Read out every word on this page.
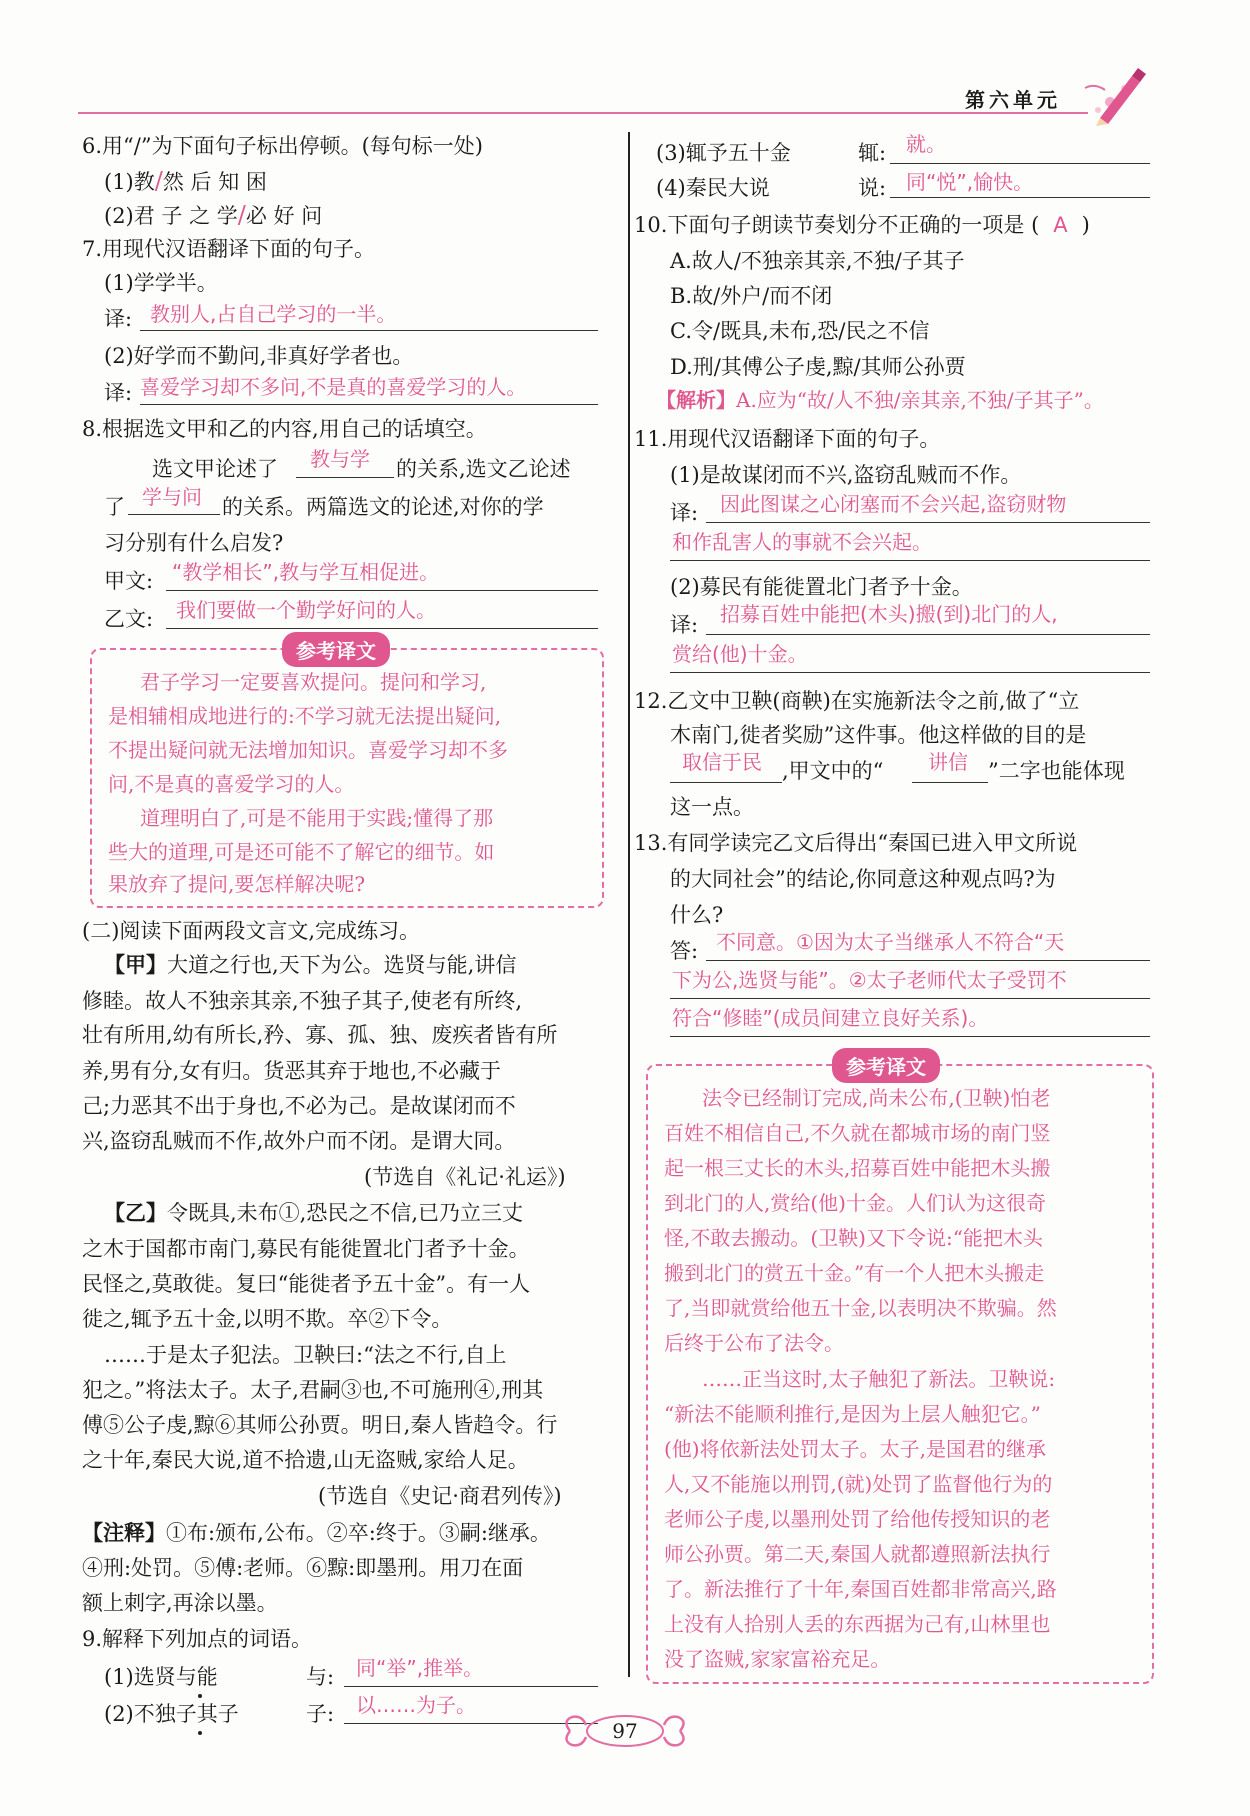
第六单元
6.用“/”为下面句子标出停顿。(每句标一处)
(1)教/然 后 知 困
(2)君 子 之 学/必 好 问
7.用现代汉语翻译下面的句子。
(1)学学半。
译: 教别人,占自己学习的一半。
(2)好学而不勤问,非真好学者也。
译: 喜爱学习却不多问,不是真的喜爱学习的人。
8.根据选文甲和乙的内容,用自己的话填空。
选文甲论述了 教与学 的关系,选文乙论述
了 学与问 的关系。两篇选文的论述,对你的学
习分别有什么启发?
甲文: “教学相长”,教与学互相促进。
乙文: 我们要做一个勤学好问的人。
参考译文
君子学习一定要喜欢提问。提问和学习,
是相辅相成地进行的:不学习就无法提出疑问,
不提出疑问就无法增加知识。喜爱学习却不多
问,不是真的喜爱学习的人。
道理明白了,可是不能用于实践;懂得了那
些大的道理,可是还可能不了解它的细节。如
果放弃了提问,要怎样解决呢?
(二)阅读下面两段文言文,完成练习。
【甲】大道之行也,天下为公。选贤与能,讲信
修睦。故人不独亲其亲,不独子其子,使老有所终,
壮有所用,幼有所长,矜、寡、孤、独、废疾者皆有所
养,男有分,女有归。货恶其弃于地也,不必藏于
己;力恶其不出于身也,不必为己。是故谋闭而不
兴,盗窃乱贼而不作,故外户而不闭。是谓大同。
(节选自《礼记·礼运》)
【乙】令既具,未布①,恐民之不信,已乃立三丈
之木于国都市南门,募民有能徙置北门者予十金。
民怪之,莫敢徙。复曰“能徙者予五十金”。有一人
徙之,辄予五十金,以明不欺。卒②下令。
……于是太子犯法。卫鞅曰:“法之不行,自上
犯之。”将法太子。太子,君嗣③也,不可施刑④,刑其
傅⑤公子虔,黥⑥其师公孙贾。明日,秦人皆趋令。行
之十年,秦民大说,道不拾遗,山无盗贼,家给人足。
(节选自《史记·商君列传》)
【注释】①布:颁布,公布。②卒:终于。③嗣:继承。
④刑:处罚。⑤傅:老师。⑥黥:即墨刑。用刀在面
额上刺字,再涂以墨。
9.解释下列加点的词语。
(1)选贤与能	与: 同“举”,推举。
(2)不独子其子	子: 以……为子。
(3)辄予五十金	辄: 就。
(4)秦民大说	说: 同“悦”,愉快。
10.下面句子朗读节奏划分不正确的一项是 ( A )
A.故人/不独亲其亲,不独/子其子
B.故/外户/而不闭
C.令/既具,未布,恐/民之不信
D.刑/其傅公子虔,黥/其师公孙贾
【解析】A.应为“故/人不独/亲其亲,不独/子其子”。
11.用现代汉语翻译下面的句子。
(1)是故谋闭而不兴,盗窃乱贼而不作。
译: 因此图谋之心闭塞而不会兴起,盗窃财物
和作乱害人的事就不会兴起。
(2)募民有能徙置北门者予十金。
译: 招募百姓中能把(木头)搬(到)北门的人,
赏给(他)十金。
12.乙文中卫鞅(商鞅)在实施新法令之前,做了“立
木南门,徙者奖励”这件事。他这样做的目的是
取信于民 ,甲文中的“ 讲信 ”二字也能体现
这一点。
13.有同学读完乙文后得出“秦国已进入甲文所说
的大同社会”的结论,你同意这种观点吗?为
什么?
答: 不同意。①因为太子当继承人不符合“天
下为公,选贤与能”。②太子老师代太子受罚不
符合“修睦”(成员间建立良好关系)。
参考译文
法令已经制订完成,尚未公布,(卫鞅)怕老
百姓不相信自己,不久就在都城市场的南门竖
起一根三丈长的木头,招募百姓中能把木头搬
到北门的人,赏给(他)十金。人们认为这很奇
怪,不敢去搬动。(卫鞅)又下令说:“能把木头
搬到北门的赏五十金。”有一个人把木头搬走
了,当即就赏给他五十金,以表明决不欺骗。然
后终于公布了法令。
……正当这时,太子触犯了新法。卫鞅说:
“新法不能顺利推行,是因为上层人触犯它。”
(他)将依新法处罚太子。太子,是国君的继承
人,又不能施以刑罚,(就)处罚了监督他行为的
老师公子虔,以墨刑处罚了给他传授知识的老
师公孙贾。第二天,秦国人就都遵照新法执行
了。新法推行了十年,秦国百姓都非常高兴,路
上没有人拾别人丢的东西据为己有,山林里也
没了盗贼,家家富裕充足。
97
